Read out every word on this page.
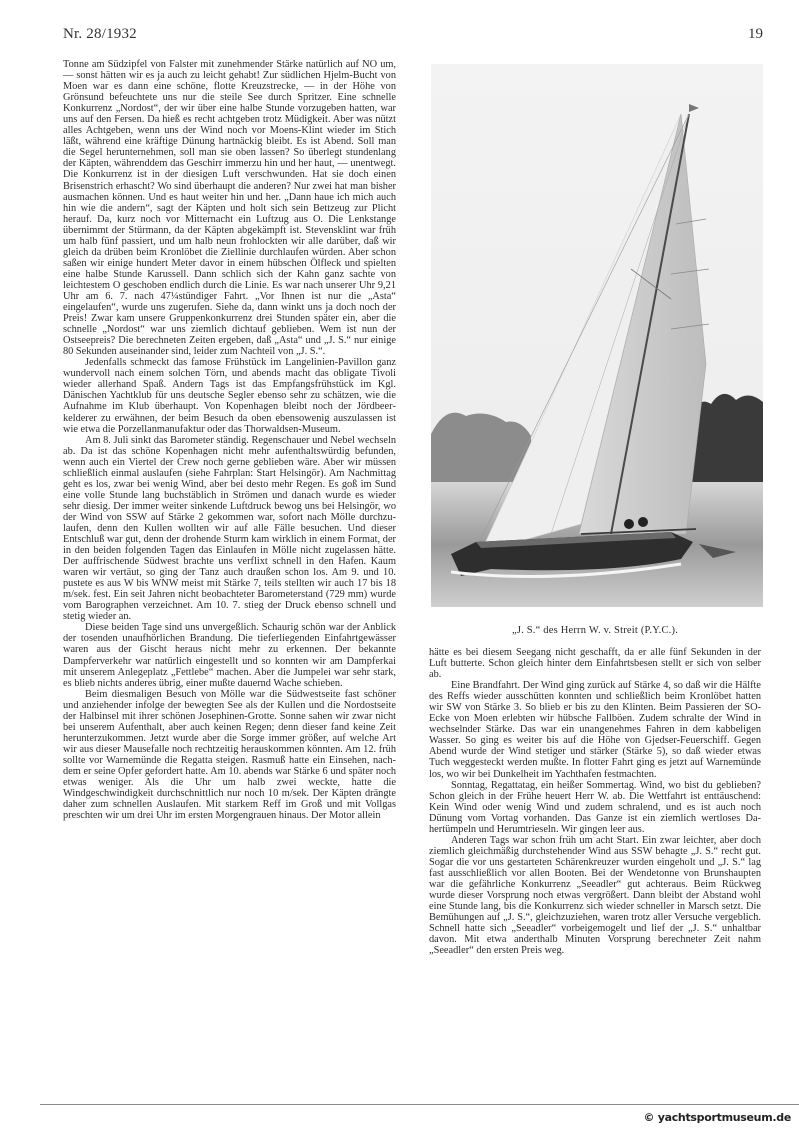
Nr. 28/1932	19

Tonne am Südzipfel von Falster mit zunehmender Stärke natürlich auf NO um, — sonst hätten wir es ja auch zu leicht gehabt! Zur südlichen Hjelm-Bucht von Moen war es dann eine schöne, flotte Kreuzstrecke, — in der Höhe von Grönsund befeuchtete uns nur die steile See durch Spritzer. Eine schnelle Konkurrenz „Nordost“, der wir über eine halbe Stunde vorzugeben hatten, war uns auf den Fersen. Da hieß es recht achtgeben trotz Müdigkeit. Aber was nützt alles Achtgeben, wenn uns der Wind noch vor Moens-Klint wieder im Stich läßt, während eine kräftige Dünung hartnäckig bleibt. Es ist Abend. Soll man die Segel herunternehmen, soll man sie oben lassen? So überlegt stundenlang der Käpten, währenddem das Geschirr immerzu hin und her haut, — unentwegt. Die Konkurrenz ist in der diesigen Luft verschwunden. Hat sie doch einen Brisenstrich erhascht? Wo sind überhaupt die anderen? Nur zwei hat man bisher ausmachen können. Und es haut weiter hin und her. „Dann haue ich mich auch hin wie die andern“, sagt der Käpten und holt sich sein Bettzeug zur Plicht herauf. Da, kurz noch vor Mitternacht ein Luftzug aus O. Die Lenkstange übernimmt der Stürmann, da der Käpten abgekämpft ist. Stevensklint war früh um halb fünf passiert, und um halb neun frohlockten wir alle darüber, daß wir gleich da drüben beim Kronlöbet die Ziellinie durchlaufen würden. Aber schon saßen wir einige hundert Meter davor in einem hübschen Ölfleck und spielten eine halbe Stunde Karussell. Dann schlich sich der Kahn ganz sachte von leichtestem O geschoben endlich durch die Linie. Es war nach unserer Uhr 9,21 Uhr am 6. 7. nach 47¼stündiger Fahrt. „Vor Ihnen ist nur die „Asta“ eingelaufen“, wurde uns zugerufen. Siehe da, dann winkt uns ja doch noch der Preis! Zwar kam unsere Gruppenkonkurrenz drei Stunden später ein, aber die schnelle „Nordost“ war uns ziemlich dichtauf geblieben. Wem ist nun der Ostseepreis? Die berechneten Zeiten ergeben, daß „Asta“ und „J. S.“ nur einige 80 Sekunden auseinander sind, leider zum Nachteil von „J. S.“.

Jedenfalls schmeckt das famose Frühstück im Langelinien-Pavillon ganz wundervoll nach einem solchen Törn, und abends macht das obligate Tivoli wieder allerhand Spaß. Andern Tags ist das Empfangsfrühstück im Kgl. Dänischen Yachtklub für uns deutsche Segler ebenso sehr zu schätzen, wie die Aufnahme im Klub überhaupt. Von Kopenhagen bleibt noch der Jördbeerkelderer zu erwähnen, der beim Besuch da oben ebensowenig auszulassen ist wie etwa die Porzellanmanufaktur oder das Thorwaldsen-Museum.

Am 8. Juli sinkt das Barometer ständig. Regenschauer und Nebel wechseln ab. Da ist das schöne Kopenhagen nicht mehr aufenthaltswürdig befunden, wenn auch ein Viertel der Crew noch gerne geblieben wäre. Aber wir müssen schließlich einmal auslaufen (siehe Fahrplan: Start Helsingör). Am Nachmittag geht es los, zwar bei wenig Wind, aber bei desto mehr Regen. Es goß im Sund eine volle Stunde lang buchstäblich in Strömen und danach wurde es wieder sehr diesig. Der immer weiter sinkende Luftdruck bewog uns bei Helsingör, wo der Wind von SSW auf Stärke 2 gekommen war, sofort nach Mölle durchzulaufen, denn den Kullen wollten wir auf alle Fälle besuchen. Und dieser Entschluß war gut, denn der drohende Sturm kam wirklich in einem Format, der in den beiden folgenden Tagen das Einlaufen in Mölle nicht zugelassen hätte. Der auffrischende Südwest brachte uns verflixt schnell in den Hafen. Kaum waren wir vertäut, so ging der Tanz auch draußen schon los. Am 9. und 10. pustete es aus W bis WNW meist mit Stärke 7, teils stellten wir auch 17 bis 18 m/sek. fest. Ein seit Jahren nicht beobachteter Barometerstand (729 mm) wurde vom Barographen verzeichnet. Am 10. 7. stieg der Druck ebenso schnell und stetig wieder an.

Diese beiden Tage sind uns unvergeßlich. Schaurig schön war der Anblick der tosenden unaufhörlichen Brandung. Die tieferliegenden Einfahrtgewässer waren aus der Gischt heraus nicht mehr zu erkennen. Der bekannte Dampferverkehr war natürlich eingestellt und so konnten wir am Dampferkai mit unserem Anlegeplatz „Fettlebe“ machen. Aber die Jumpelei war sehr stark, es blieb nichts anderes übrig, einer mußte dauernd Wache schieben.

Beim diesmaligen Besuch von Mölle war die Südwestseite fast schöner und anziehender infolge der bewegten See als der Kullen und die Nordostseite der Halbinsel mit ihrer schönen Josephinen-Grotte. Sonne sahen wir zwar nicht bei unserem Aufenthalt, aber auch keinen Regen; denn dieser fand keine Zeit herunterzukommen. Jetzt wurde aber die Sorge immer größer, auf welche Art wir aus dieser Mausefalle noch rechtzeitig herauskommen könnten. Am 12. früh sollte vor Warnemünde die Regatta steigen. Rasmuß hatte ein Einsehen, nachdem er seine Opfer gefordert hatte. Am 10. abends war Stärke 6 und später noch etwas weniger. Als die Uhr um halb zwei weckte, hatte die Windgeschwindigkeit durchschnittlich nur noch 10 m/sek. Der Käpten drängte daher zum schnellen Auslaufen. Mit starkem Reff im Groß und mit Vollgas preschten wir um drei Uhr im ersten Morgengrauen hinaus. Der Motor allein

„J. S.“ des Herrn W. v. Streit (P.Y.C.).

hätte es bei diesem Seegang nicht geschafft, da er alle fünf Sekunden in der Luft butterte. Schon gleich hinter dem Einfahrtsbesen stellt er sich von selber ab.

Eine Brandfahrt. Der Wind ging zurück auf Stärke 4, so daß wir die Hälfte des Reffs wieder ausschütten konnten und schließlich beim Kronlöbet hatten wir SW von Stärke 3. So blieb er bis zu den Klinten. Beim Passieren der SO-Ecke von Moen erlebten wir hübsche Fallböen. Zudem schralte der Wind in wechselnder Stärke. Das war ein unangenehmes Fahren in dem kabbeligen Wasser. So ging es weiter bis auf die Höhe von Gjedser-Feuerschiff. Gegen Abend wurde der Wind stetiger und stärker (Stärke 5), so daß wieder etwas Tuch weggesteckt werden mußte. In flotter Fahrt ging es jetzt auf Warnemünde los, wo wir bei Dunkelheit im Yachthafen festmachten.

Sonntag, Regattatag, ein heißer Sommertag. Wind, wo bist du geblieben? Schon gleich in der Frühe heuert Herr W. ab. Die Wettfahrt ist enttäuschend: Kein Wind oder wenig Wind und zudem schralend, und es ist auch noch Dünung vom Vortag vorhanden. Das Ganze ist ein ziemlich wertloses Dahertümpeln und Herumtrieseln. Wir gingen leer aus.

Anderen Tags war schon früh um acht Start. Ein zwar leichter, aber doch ziemlich gleichmäßig durchstehender Wind aus SSW behagte „J. S.“ recht gut. Sogar die vor uns gestarteten Schärenkreuzer wurden eingeholt und „J. S.“ lag fast ausschließlich vor allen Booten. Bei der Wendetonne von Brunshaupten war die gefährliche Konkurrenz „Seeadler“ gut achteraus. Beim Rückweg wurde dieser Vorsprung noch etwas vergrößert. Dann bleibt der Abstand wohl eine Stunde lang, bis die Konkurrenz sich wieder schneller in Marsch setzt. Die Bemühungen auf „J. S.“, gleichzuziehen, waren trotz aller Versuche vergeblich. Schnell hatte sich „Seeadler“ vorbeigemogelt und lief der „J. S.“ unhaltbar davon. Mit etwa anderthalb Minuten Vorsprung berechneter Zeit nahm „Seeadler“ den ersten Preis weg.

© yachtsportmuseum.de
